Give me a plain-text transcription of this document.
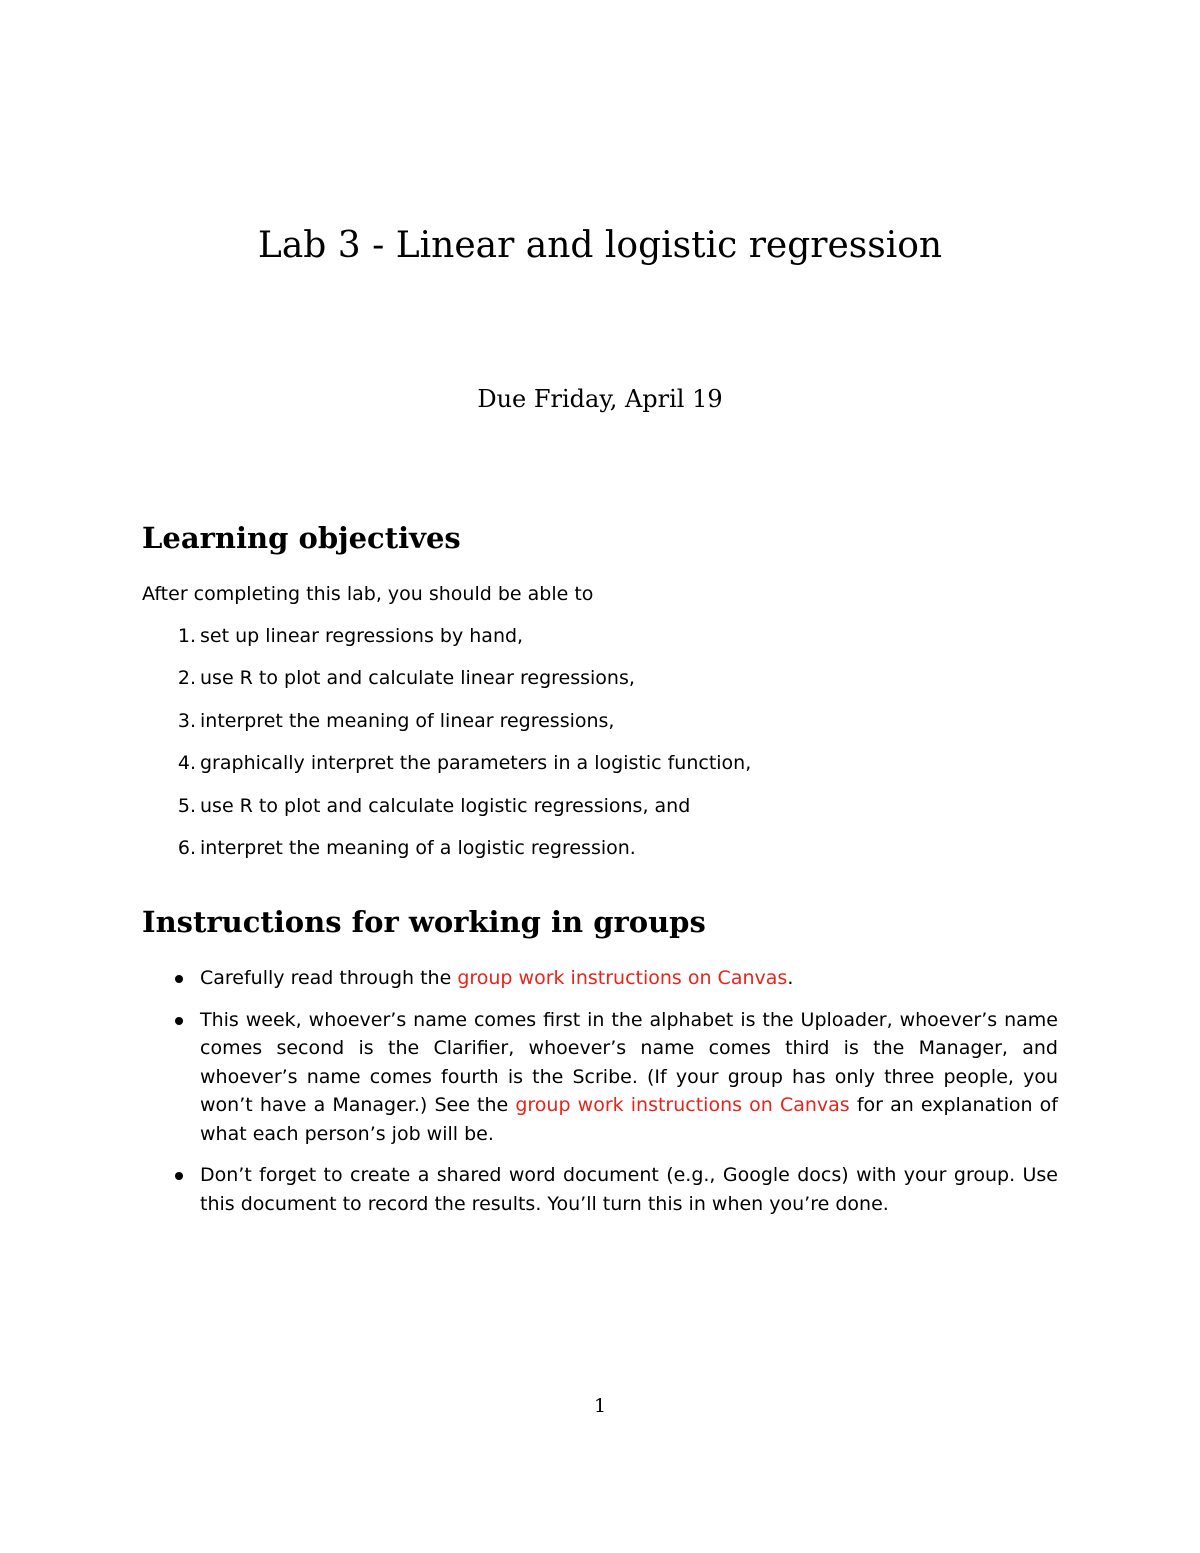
Lab 3 - Linear and logistic regression
Due Friday, April 19
Learning objectives
After completing this lab, you should be able to
1. set up linear regressions by hand,
2. use R to plot and calculate linear regressions,
3. interpret the meaning of linear regressions,
4. graphically interpret the parameters in a logistic function,
5. use R to plot and calculate logistic regressions, and
6. interpret the meaning of a logistic regression.
Instructions for working in groups
Carefully read through the group work instructions on Canvas.
This week, whoever’s name comes first in the alphabet is the Uploader, whoever’s name comes second is the Clarifier, whoever’s name comes third is the Manager, and whoever’s name comes fourth is the Scribe. (If your group has only three people, you won’t have a Manager.) See the group work instructions on Canvas for an explanation of what each person’s job will be.
Don’t forget to create a shared word document (e.g., Google docs) with your group. Use this document to record the results. You’ll turn this in when you’re done.
1
